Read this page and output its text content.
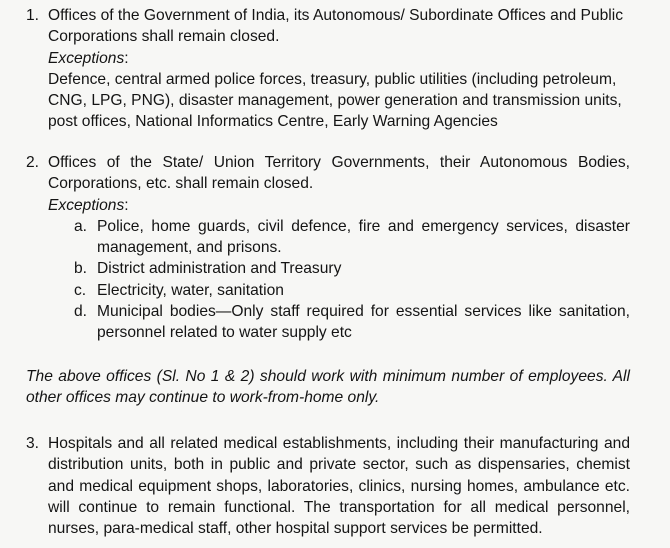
1. Offices of the Government of India, its Autonomous/ Subordinate Offices and Public Corporations shall remain closed.
Exceptions:
Defence, central armed police forces, treasury, public utilities (including petroleum, CNG, LPG, PNG), disaster management, power generation and transmission units, post offices, National Informatics Centre, Early Warning Agencies
2. Offices of the State/ Union Territory Governments, their Autonomous Bodies, Corporations, etc. shall remain closed.
Exceptions:
a. Police, home guards, civil defence, fire and emergency services, disaster management, and prisons.
b. District administration and Treasury
c. Electricity, water, sanitation
d. Municipal bodies—Only staff required for essential services like sanitation, personnel related to water supply etc
The above offices (Sl. No 1 & 2) should work with minimum number of employees. All other offices may continue to work-from-home only.
3. Hospitals and all related medical establishments, including their manufacturing and distribution units, both in public and private sector, such as dispensaries, chemist and medical equipment shops, laboratories, clinics, nursing homes, ambulance etc. will continue to remain functional. The transportation for all medical personnel, nurses, para-medical staff, other hospital support services be permitted.
